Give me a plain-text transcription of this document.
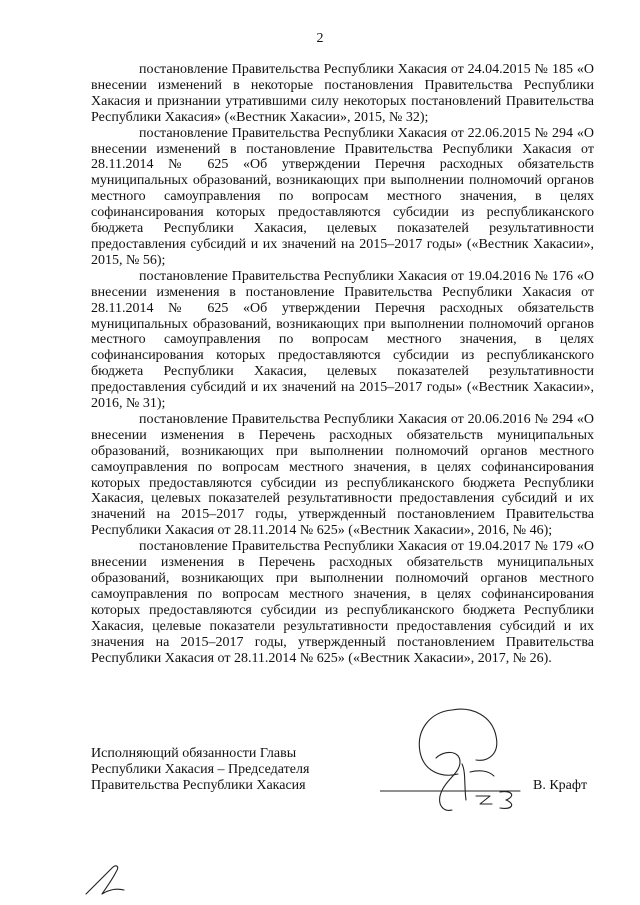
2

постановление Правительства Республики Хакасия от 24.04.2015 № 185 «О внесении изменений в некоторые постановления Правительства Республики Хакасия и признании утратившими силу некоторых постановлений Правительства Республики Хакасия» («Вестник Хакасии», 2015, № 32);

постановление Правительства Республики Хакасия от 22.06.2015 № 294 «О внесении изменений в постановление Правительства Республики Хакасия от 28.11.2014 № 625 «Об утверждении Перечня расходных обязательств муниципальных образований, возникающих при выполнении полномочий органов местного самоуправления по вопросам местного значения, в целях софинансирования которых предоставляются субсидии из республиканского бюджета Республики Хакасия, целевых показателей результативности предоставления субсидий и их значений на 2015–2017 годы» («Вестник Хакасии», 2015, № 56);

постановление Правительства Республики Хакасия от 19.04.2016 № 176 «О внесении изменения в постановление Правительства Республики Хакасия от 28.11.2014 № 625 «Об утверждении Перечня расходных обязательств муниципальных образований, возникающих при выполнении полномочий органов местного самоуправления по вопросам местного значения, в целях софинансирования которых предоставляются субсидии из республиканского бюджета Республики Хакасия, целевых показателей результативности предоставления субсидий и их значений на 2015–2017 годы» («Вестник Хакасии», 2016, № 31);

постановление Правительства Республики Хакасия от 20.06.2016 № 294 «О внесении изменения в Перечень расходных обязательств муниципальных образований, возникающих при выполнении полномочий органов местного самоуправления по вопросам местного значения, в целях софинансирования которых предоставляются субсидии из республиканского бюджета Республики Хакасия, целевых показателей результативности предоставления субсидий и их значений на 2015–2017 годы, утвержденный постановлением Правительства Республики Хакасия от 28.11.2014 № 625» («Вестник Хакасии», 2016, № 46);

постановление Правительства Республики Хакасия от 19.04.2017 № 179 «О внесении изменения в Перечень расходных обязательств муниципальных образований, возникающих при выполнении полномочий органов местного самоуправления по вопросам местного значения, в целях софинансирования которых предоставляются субсидии из республиканского бюджета Республики Хакасия, целевые показатели результативности предоставления субсидий и их значения на 2015–2017 годы, утвержденный постановлением Правительства Республики Хакасия от 28.11.2014 № 625» («Вестник Хакасии», 2017, № 26).

Исполняющий обязанности Главы
Республики Хакасия – Председателя
Правительства Республики Хакасия	В. Крафт
